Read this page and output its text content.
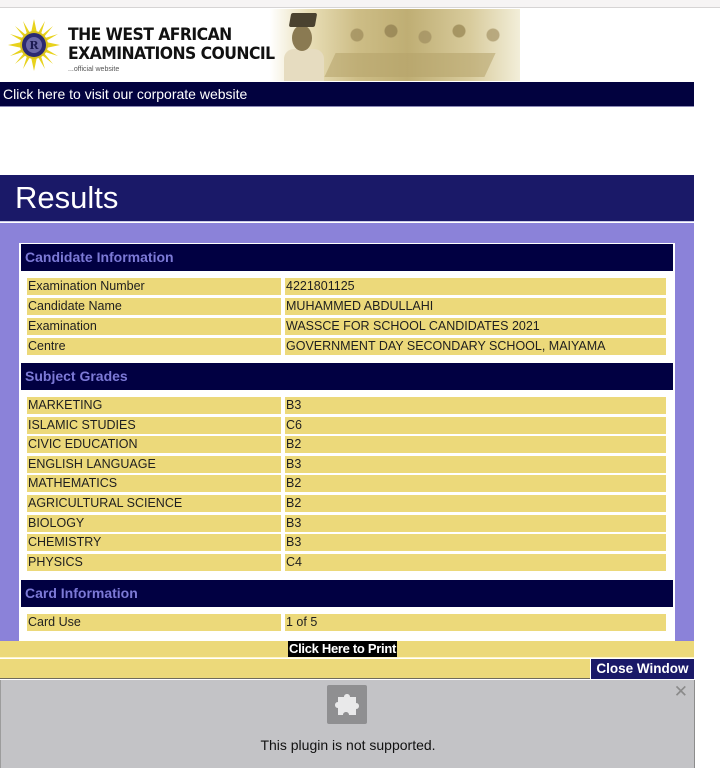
R
THE WEST AFRICAN
EXAMINATIONS COUNCIL
...official website
Click here to visit our corporate website
Results
Candidate Information
Examination Number	4221801125
Candidate Name	MUHAMMED ABDULLAHI
Examination	WASSCE FOR SCHOOL CANDIDATES 2021
Centre	GOVERNMENT DAY SECONDARY SCHOOL, MAIYAMA
Subject Grades
MARKETING	B3
ISLAMIC STUDIES	C6
CIVIC EDUCATION	B2
ENGLISH LANGUAGE	B3
MATHEMATICS	B2
AGRICULTURAL SCIENCE	B2
BIOLOGY	B3
CHEMISTRY	B3
PHYSICS	C4
Card Information
Card Use	1 of 5
Click Here to Print
Close Window
This plugin is not supported.
✕
